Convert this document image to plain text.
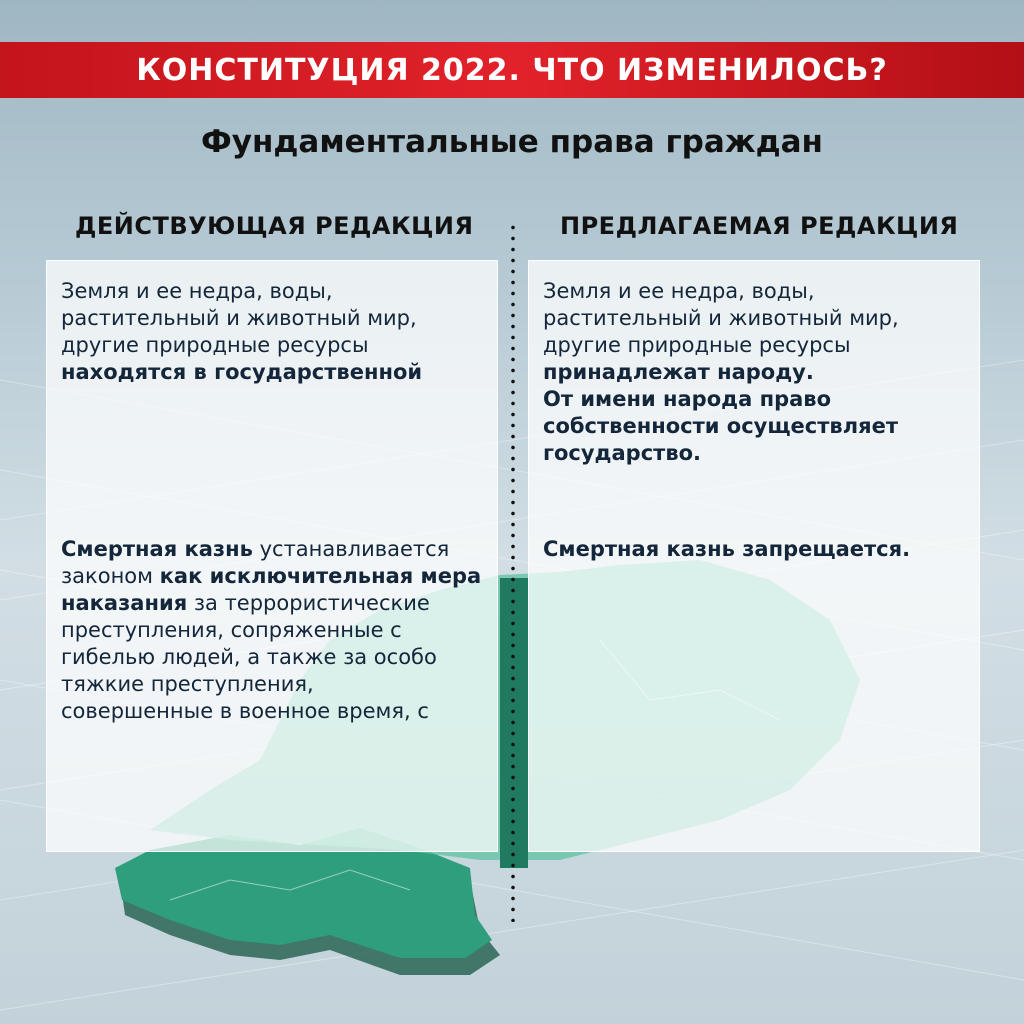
КОНСТИТУЦИЯ 2022. ЧТО ИЗМЕНИЛОСЬ?
Фундаментальные права граждан
ДЕЙСТВУЮЩАЯ РЕДАКЦИЯ	ПРЕДЛАГАЕМАЯ РЕДАКЦИЯ
Земля и ее недра, воды,
растительный и животный мир,
другие природные ресурсы
находятся в государственной
Смертная казнь устанавливается
законом как исключительная мера
наказания за террористические
преступления, сопряженные с
гибелью людей, а также за особо
тяжкие преступления,
совершенные в военное время, с
Земля и ее недра, воды,
растительный и животный мир,
другие природные ресурсы
принадлежат народу.
От имени народа право
собственности осуществляет
государство.
Смертная казнь запрещается.
